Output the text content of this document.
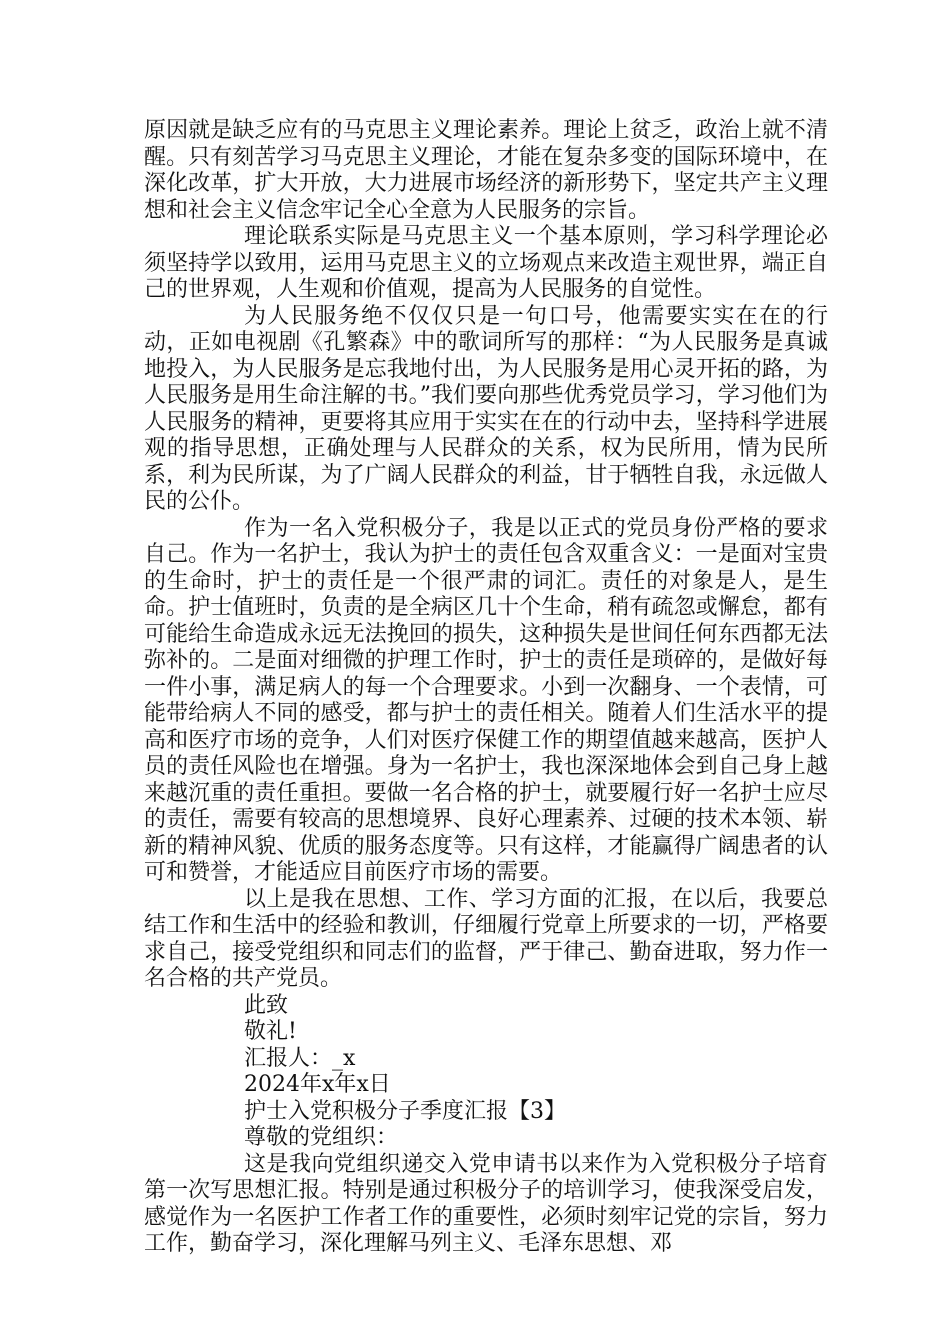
原因就是缺乏应有的马克思主义理论素养。理论上贫乏，政治上就不清醒。只有刻苦学习马克思主义理论，才能在复杂多变的国际环境中，在深化改革，扩大开放，大力进展市场经济的新形势下，坚定共产主义理想和社会主义信念牢记全心全意为人民服务的宗旨。

理论联系实际是马克思主义一个基本原则，学习科学理论必须坚持学以致用，运用马克思主义的立场观点来改造主观世界，端正自己的世界观，人生观和价值观，提高为人民服务的自觉性。

为人民服务绝不仅仅只是一句口号，他需要实实在在的行动，正如电视剧《孔繁森》中的歌词所写的那样：“为人民服务是真诚地投入，为人民服务是忘我地付出，为人民服务是用心灵开拓的路，为人民服务是用生命注解的书。”我们要向那些优秀党员学习，学习他们为人民服务的精神，更要将其应用于实实在在的行动中去，坚持科学进展观的指导思想，正确处理与人民群众的关系，权为民所用，情为民所系，利为民所谋，为了广阔人民群众的利益，甘于牺牲自我，永远做人民的公仆。

作为一名入党积极分子，我是以正式的党员身份严格的要求自己。作为一名护士，我认为护士的责任包含双重含义：一是面对宝贵的生命时，护士的责任是一个很严肃的词汇。责任的对象是人，是生命。护士值班时，负责的是全病区几十个生命，稍有疏忽或懈怠，都有可能给生命造成永远无法挽回的损失，这种损失是世间任何东西都无法弥补的。二是面对细微的护理工作时，护士的责任是琐碎的，是做好每一件小事，满足病人的每一个合理要求。小到一次翻身、一个表情，可能带给病人不同的感受，都与护士的责任相关。随着人们生活水平的提高和医疗市场的竞争，人们对医疗保健工作的期望值越来越高，医护人员的责任风险也在增强。身为一名护士，我也深深地体会到自己身上越来越沉重的责任重担。要做一名合格的护士，就要履行好一名护士应尽的责任，需要有较高的思想境界、良好心理素养、过硬的技术本领、崭新的精神风貌、优质的服务态度等。只有这样，才能赢得广阔患者的认可和赞誉，才能适应目前医疗市场的需要。

以上是我在思想、工作、学习方面的汇报，在以后，我要总结工作和生活中的经验和教训，仔细履行党章上所要求的一切，严格要求自己，接受党组织和同志们的监督，严于律己、勤奋进取，努力作一名合格的共产党员。

此致

敬礼!

汇报人：_x

2024年x年x日

护士入党积极分子季度汇报【3】

尊敬的党组织：

这是我向党组织递交入党申请书以来作为入党积极分子培育第一次写思想汇报。特别是通过积极分子的培训学习，使我深受启发，感觉作为一名医护工作者工作的重要性，必须时刻牢记党的宗旨，努力工作，勤奋学习，深化理解马列主义、毛泽东思想、邓
